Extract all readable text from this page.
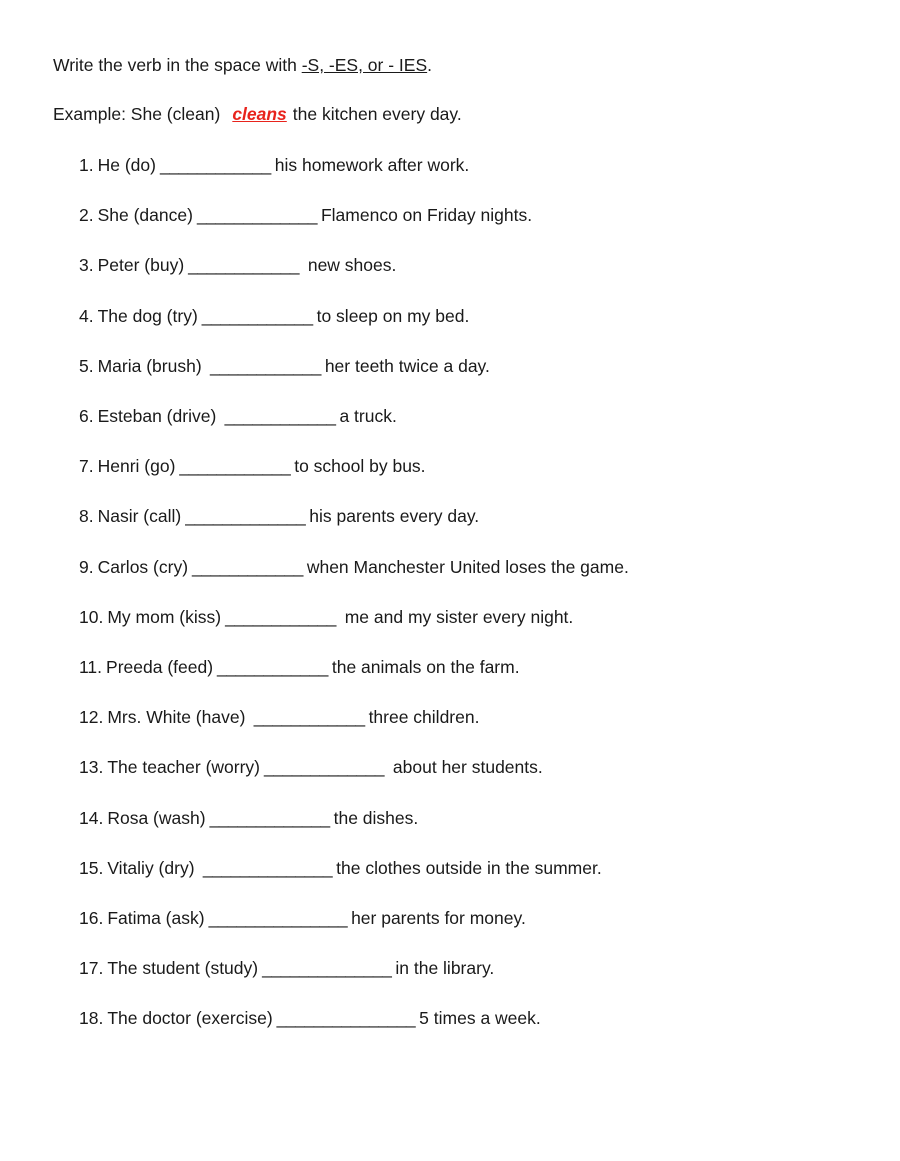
Write the verb in the space with -S, -ES, or - IES.
Example: She (clean) cleans the kitchen every day.
1. He (do) ____________ his homework after work.
2. She (dance) _____________ Flamenco on Friday nights.
3. Peter (buy) ____________ new shoes.
4. The dog (try) ____________ to sleep on my bed.
5. Maria (brush) ____________ her teeth twice a day.
6. Esteban (drive) ____________ a truck.
7. Henri (go) ____________ to school by bus.
8. Nasir (call) _____________ his parents every day.
9. Carlos (cry) ____________ when Manchester United loses the game.
10. My mom (kiss) ____________ me and my sister every night.
11. Preeda (feed) ____________ the animals on the farm.
12. Mrs. White (have) ____________ three children.
13. The teacher (worry) _____________ about her students.
14. Rosa (wash) _____________ the dishes.
15. Vitaliy (dry) ______________ the clothes outside in the summer.
16. Fatima (ask) _______________ her parents for money.
17. The student (study) ______________ in the library.
18. The doctor (exercise) _______________ 5 times a week.
